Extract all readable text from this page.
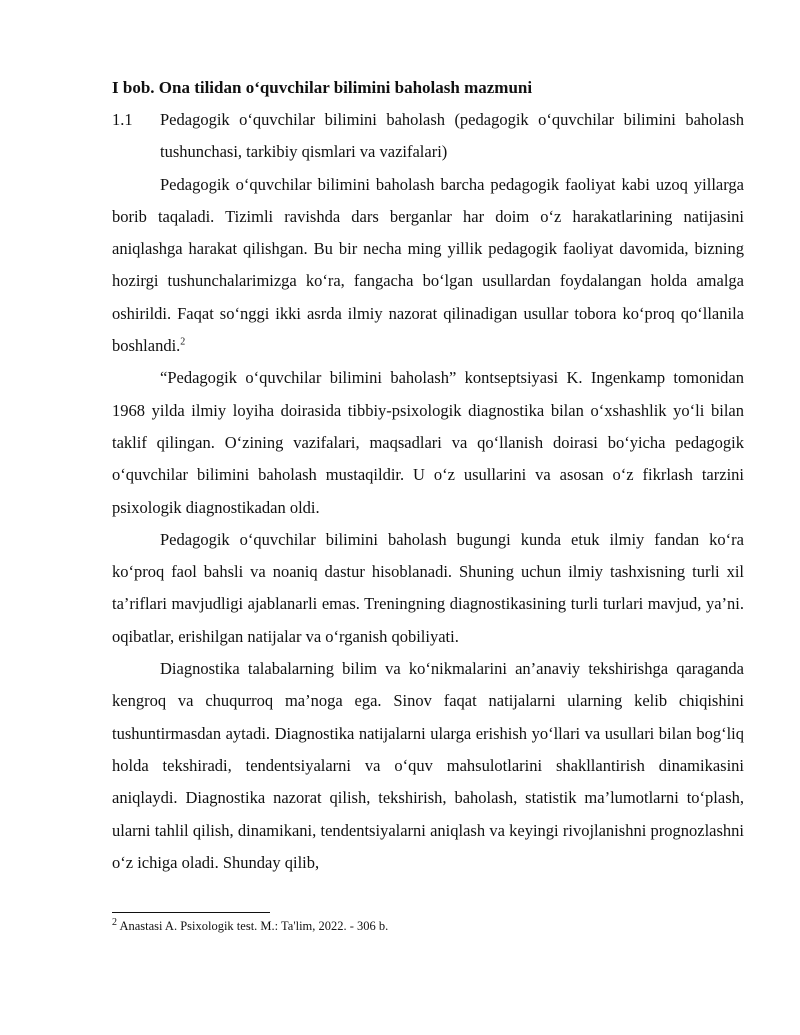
I bob. Ona tilidan o‘quvchilar bilimini baholash mazmuni

1.1	Pedagogik o‘quvchilar bilimini baholash (pedagogik o‘quvchilar bilimini baholash tushunchasi, tarkibiy qismlari va vazifalari)

Pedagogik o‘quvchilar bilimini baholash barcha pedagogik faoliyat kabi uzoq yillarga borib taqaladi. Tizimli ravishda dars berganlar har doim o‘z harakatlarining natijasini aniqlashga harakat qilishgan. Bu bir necha ming yillik pedagogik faoliyat davomida, bizning hozirgi tushunchalarimizga ko‘ra, fangacha bo‘lgan usullardan foydalangan holda amalga oshirildi. Faqat so‘nggi ikki asrda ilmiy nazorat qilinadigan usullar tobora ko‘proq qo‘llanila boshlandi.$^2$

“Pedagogik o‘quvchilar bilimini baholash” kontseptsiyasi K. Ingenkamp tomonidan 1968 yilda ilmiy loyiha doirasida tibbiy-psixologik diagnostika bilan o‘xshashlik yo‘li bilan taklif qilingan. O‘zining vazifalari, maqsadlari va qo‘llanish doirasi bo‘yicha pedagogik o‘quvchilar bilimini baholash mustaqildir. U o‘z usullarini va asosan o‘z fikrlash tarzini psixologik diagnostikadan oldi.

Pedagogik o‘quvchilar bilimini baholash bugungi kunda etuk ilmiy fandan ko‘ra ko‘proq faol bahsli va noaniq dastur hisoblanadi. Shuning uchun ilmiy tashxisning turli xil ta’riflari mavjudligi ajablanarli emas. Treningning diagnostikasining turli turlari mavjud, ya’ni. oqibatlar, erishilgan natijalar va o‘rganish qobiliyati.

Diagnostika talabalarning bilim va ko‘nikmalarini an’anaviy tekshirishga qaraganda kengroq va chuqurroq ma’noga ega. Sinov faqat natijalarni ularning kelib chiqishini tushuntirmasdan aytadi. Diagnostika natijalarni ularga erishish yo‘llari va usullari bilan bog‘liq holda tekshiradi, tendentsiyalarni va o‘quv mahsulotlarini shakllantirish dinamikasini aniqlaydi. Diagnostika nazorat qilish, tekshirish, baholash, statistik ma’lumotlarni to‘plash, ularni tahlil qilish, dinamikani, tendentsiyalarni aniqlash va keyingi rivojlanishni prognozlashni o‘z ichiga oladi. Shunday qilib,

$^2$ Anastasi A. Psixologik test. M.: Ta'lim, 2022. - 306 b.
